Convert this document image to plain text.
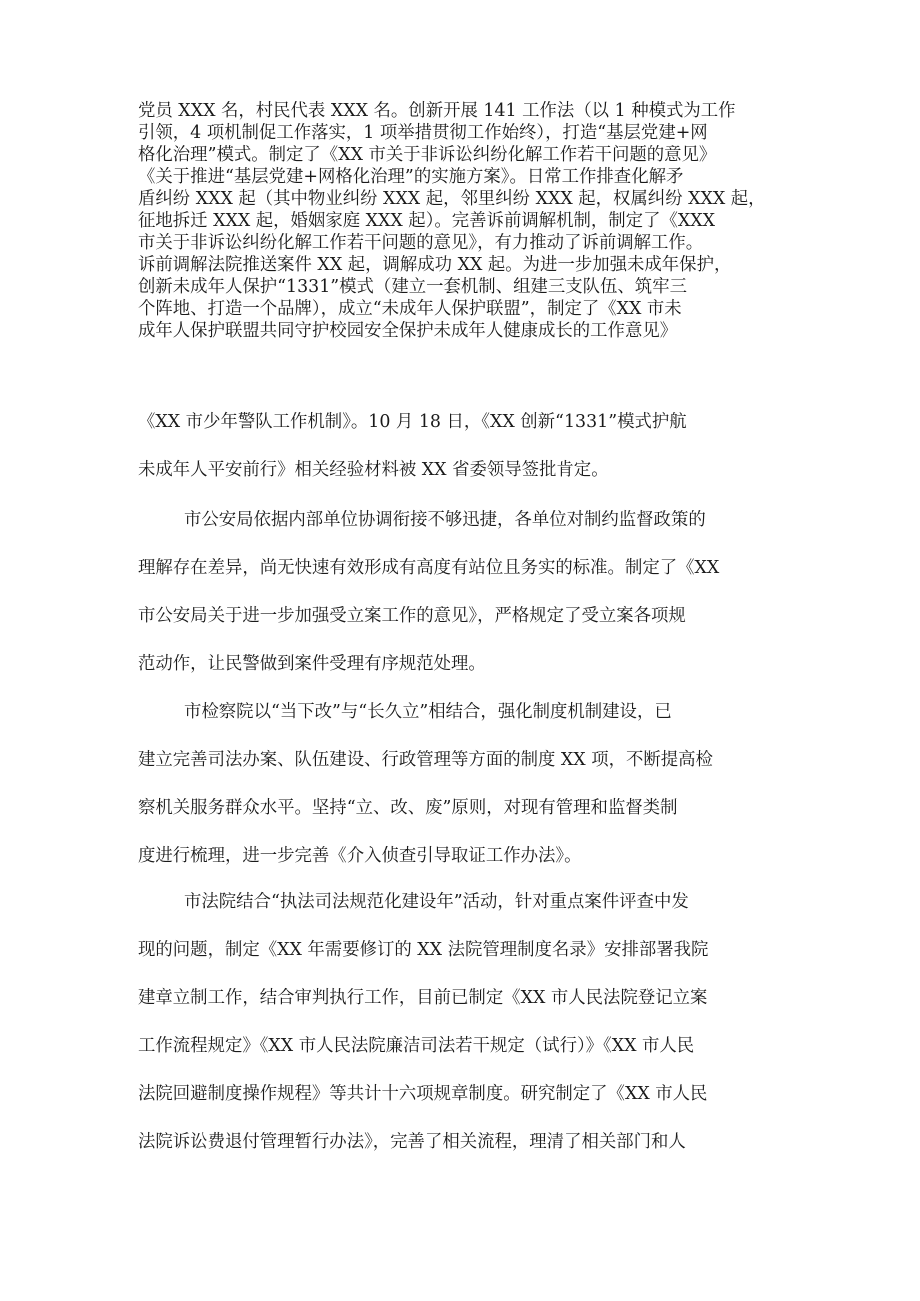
党员 XXX 名，村民代表 XXX 名。创新开展 141 工作法（以 1 种模式为工作
引领，4 项机制促工作落实，1 项举措贯彻工作始终），打造“基层党建+网
格化治理”模式。制定了《XX 市关于非诉讼纠纷化解工作若干问题的意见》
《关于推进“基层党建+网格化治理”的实施方案》。日常工作排查化解矛
盾纠纷 XXX 起（其中物业纠纷 XXX 起，邻里纠纷 XXX 起，权属纠纷 XXX 起，
征地拆迁 XXX 起，婚姻家庭 XXX 起）。完善诉前调解机制，制定了《XXX
市关于非诉讼纠纷化解工作若干问题的意见》，有力推动了诉前调解工作。
诉前调解法院推送案件 XX 起，调解成功 XX 起。为进一步加强未成年保护，
创新未成年人保护“1331”模式（建立一套机制、组建三支队伍、筑牢三
个阵地、打造一个品牌），成立“未成年人保护联盟”，制定了《XX 市未
成年人保护联盟共同守护校园安全保护未成年人健康成长的工作意见》
《XX 市少年警队工作机制》。10 月 18 日，《XX 创新“1331”模式护航
未成年人平安前行》相关经验材料被 XX 省委领导签批肯定。
市公安局依据内部单位协调衔接不够迅捷，各单位对制约监督政策的
理解存在差异，尚无快速有效形成有高度有站位且务实的标准。制定了《XX
市公安局关于进一步加强受立案工作的意见》，严格规定了受立案各项规
范动作，让民警做到案件受理有序规范处理。
市检察院以“当下改”与“长久立”相结合，强化制度机制建设，已
建立完善司法办案、队伍建设、行政管理等方面的制度 XX 项，不断提高检
察机关服务群众水平。坚持“立、改、废”原则，对现有管理和监督类制
度进行梳理，进一步完善《介入侦查引导取证工作办法》。
市法院结合“执法司法规范化建设年”活动，针对重点案件评查中发
现的问题，制定《XX 年需要修订的 XX 法院管理制度名录》安排部署我院
建章立制工作，结合审判执行工作，目前已制定《XX 市人民法院登记立案
工作流程规定》《XX 市人民法院廉洁司法若干规定（试行）》《XX 市人民
法院回避制度操作规程》等共计十六项规章制度。研究制定了《XX 市人民
法院诉讼费退付管理暂行办法》，完善了相关流程，理清了相关部门和人
